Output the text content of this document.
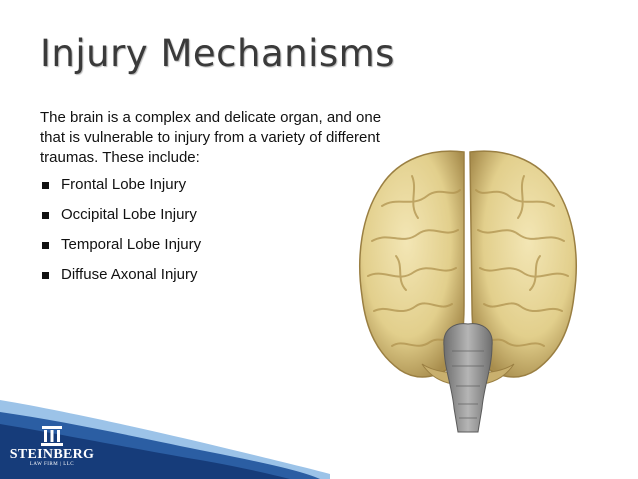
Injury Mechanisms
The brain is a complex and delicate organ, and one that is vulnerable to injury from a variety of different traumas. These include:
Frontal Lobe Injury
Occipital Lobe Injury
Temporal Lobe Injury
Diffuse Axonal Injury
STEINBERG
LAW FIRM | LLC
